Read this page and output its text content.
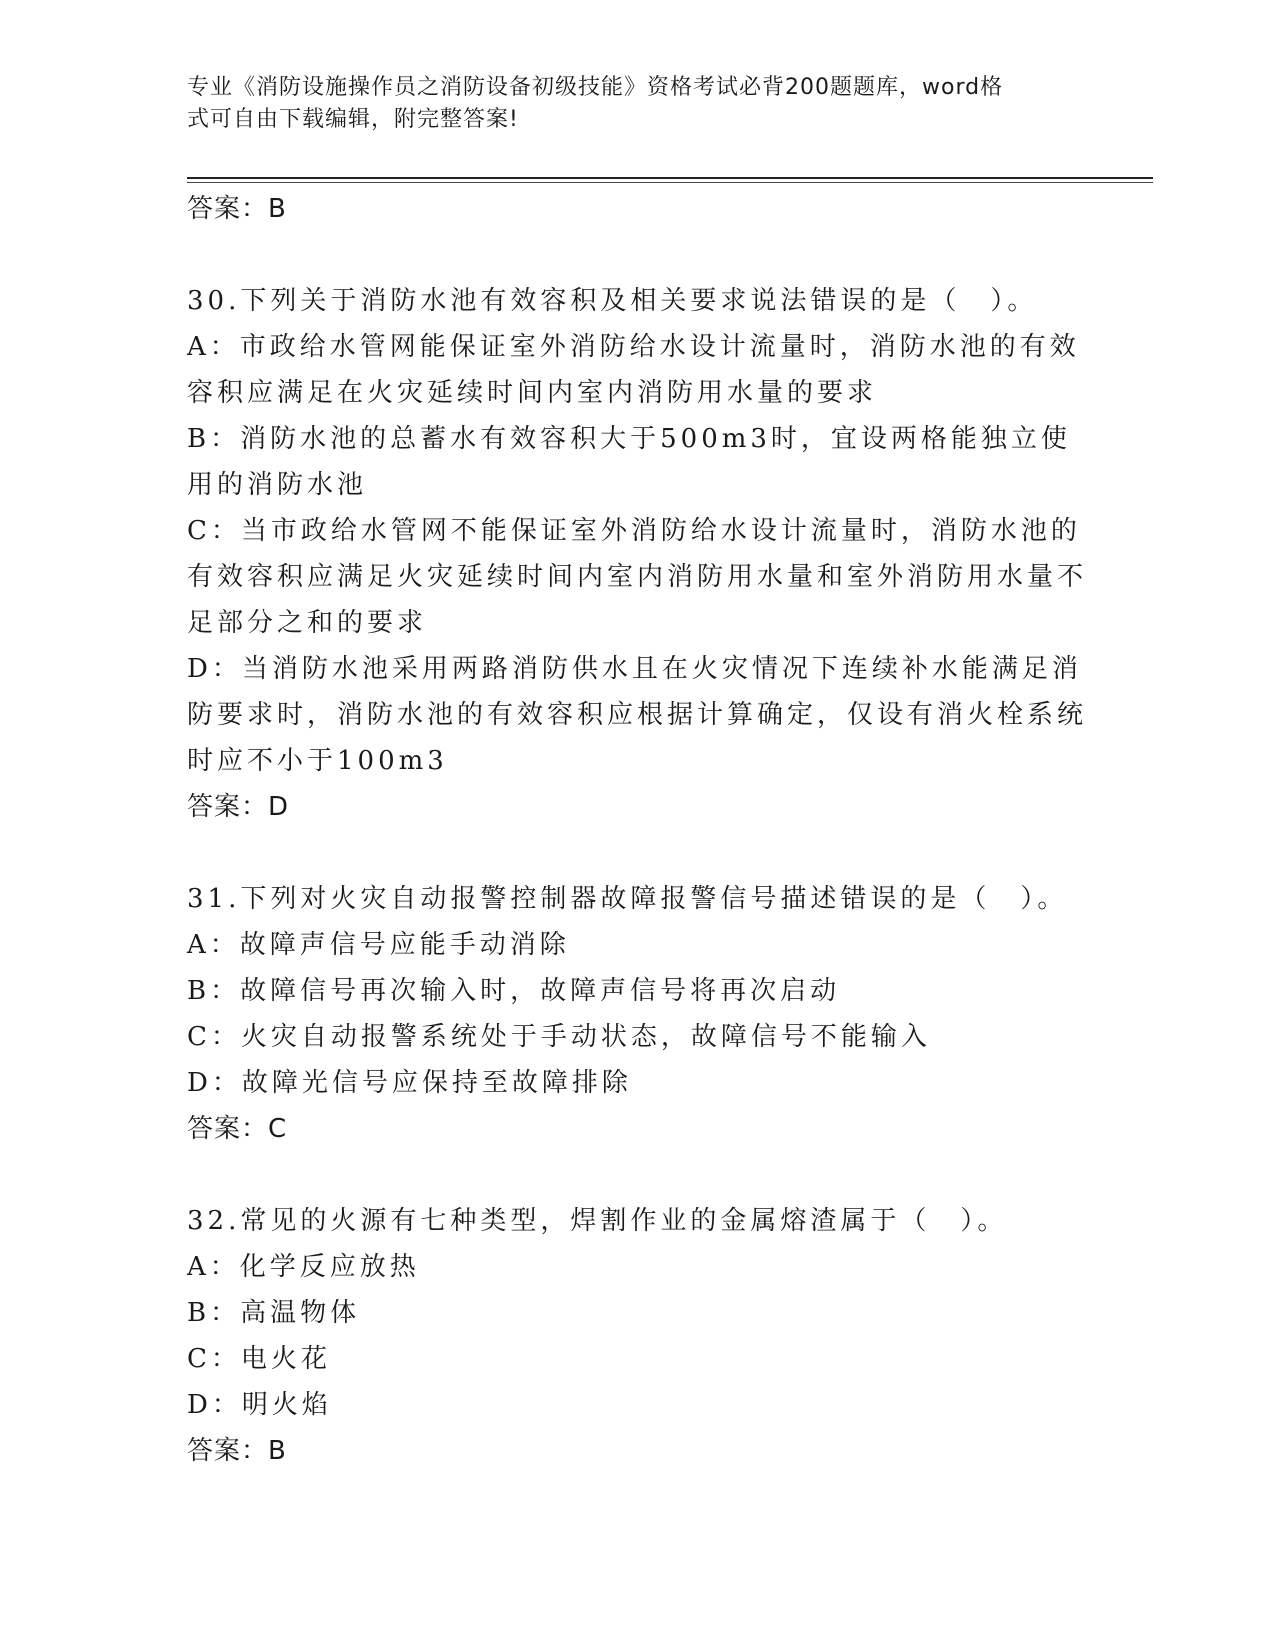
专业《消防设施操作员之消防设备初级技能》资格考试必背200题题库，word格
式可自由下载编辑，附完整答案!

答案：B

30.下列关于消防水池有效容积及相关要求说法错误的是（　）。

A：市政给水管网能保证室外消防给水设计流量时，消防水池的有效容积应满足在火灾延续时间内室内消防用水量的要求

B：消防水池的总蓄水有效容积大于500m3时，宜设两格能独立使用的消防水池

C：当市政给水管网不能保证室外消防给水设计流量时，消防水池的有效容积应满足火灾延续时间内室内消防用水量和室外消防用水量不足部分之和的要求

D：当消防水池采用两路消防供水且在火灾情况下连续补水能满足消防要求时，消防水池的有效容积应根据计算确定，仅设有消火栓系统时应不小于100m3

答案：D

31.下列对火灾自动报警控制器故障报警信号描述错误的是（　）。

A：故障声信号应能手动消除

B：故障信号再次输入时，故障声信号将再次启动

C：火灾自动报警系统处于手动状态，故障信号不能输入

D：故障光信号应保持至故障排除

答案：C

32.常见的火源有七种类型，焊割作业的金属熔渣属于（　）。

A：化学反应放热

B：高温物体

C：电火花

D：明火焰

答案：B
